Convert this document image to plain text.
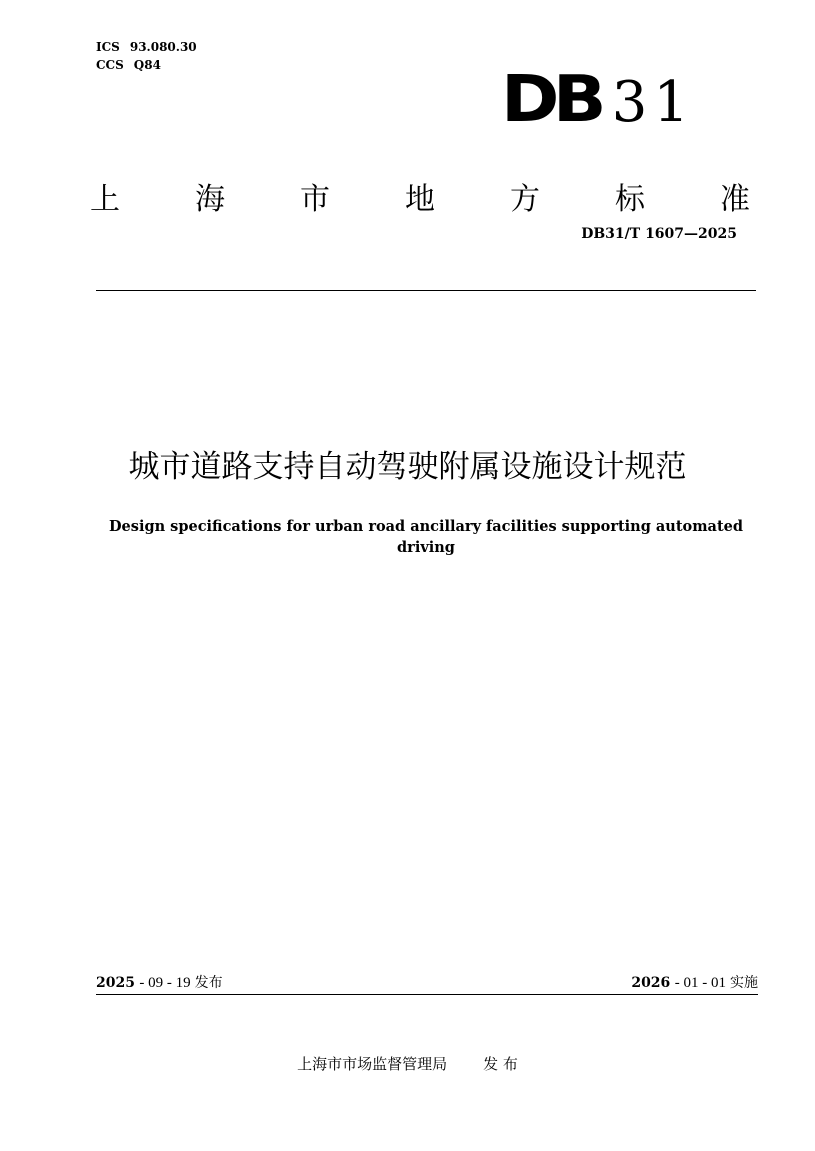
ICS 93.080.30
CCS Q84	DB 31
上	海	市	地	方	标	准
DB31/T 1607—2025
城市道路支持自动驾驶附属设施设计规范
Design specifications for urban road ancillary facilities supporting automated driving
2025 - 09 - 19 发布	2026 - 01 - 01 实施
上海市市场监督管理局 发 布
